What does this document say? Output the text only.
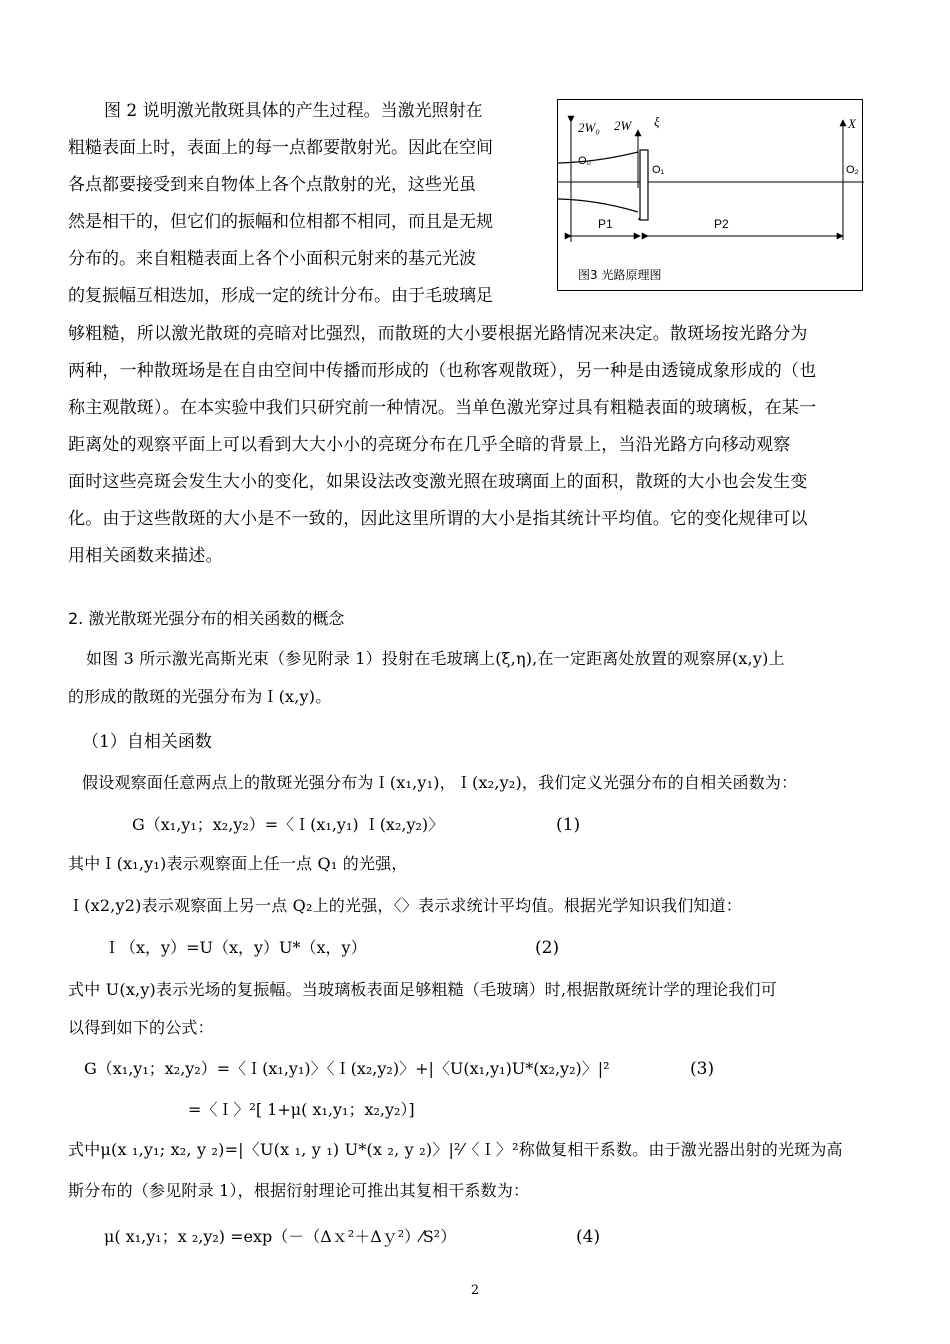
图 2 说明激光散斑具体的产生过程。当激光照射在
粗糙表面上时，表面上的每一点都要散射光。因此在空间
各点都要接受到来自物体上各个点散射的光，这些光虽
然是相干的，但它们的振幅和位相都不相同，而且是无规
分布的。来自粗糙表面上各个小面积元射来的基元光波
的复振幅互相迭加，形成一定的统计分布。由于毛玻璃足
够粗糙，所以激光散斑的亮暗对比强烈，而散斑的大小要根据光路情况来决定。散斑场按光路分为
两种，一种散斑场是在自由空间中传播而形成的（也称客观散斑），另一种是由透镜成象形成的（也
称主观散斑）。在本实验中我们只研究前一种情况。当单色激光穿过具有粗糙表面的玻璃板，在某一
距离处的观察平面上可以看到大大小小的亮斑分布在几乎全暗的背景上，当沿光路方向移动观察
面时这些亮斑会发生大小的变化，如果设法改变激光照在玻璃面上的面积，散斑的大小也会发生变
化。由于这些散斑的大小是不一致的，因此这里所谓的大小是指其统计平均值。它的变化规律可以
用相关函数来描述。
2W₀ 2W ξ	X
O₀
O₁	O₂
P1	P2
图3 光路原理图
2. 激光散斑光强分布的相关函数的概念
如图 3 所示激光高斯光束（参见附录 1）投射在毛玻璃上(ξ,η),在一定距离处放置的观察屏(x,y)上
的形成的散斑的光强分布为Ｉ(x,y)。
（1）自相关函数
假设观察面任意两点上的散斑光强分布为Ｉ(x₁,y₁)，Ｉ(x₂,y₂)，我们定义光强分布的自相关函数为：
G（x₁,y₁；x₂,y₂）=〈Ｉ(x₁,y₁) Ｉ(x₂,y₂)〉	(1)
其中Ｉ(x₁,y₁)表示观察面上任一点 Q₁ 的光强，
Ｉ(x2,y2)表示观察面上另一点 Q₂上的光强，〈〉表示求统计平均值。根据光学知识我们知道：
Ｉ（x，y）=U（x，y）U*（x，y）	(2)
式中 U(x,y)表示光场的复振幅。当玻璃板表面足够粗糙（毛玻璃）时,根据散斑统计学的理论我们可
以得到如下的公式：
G（x₁,y₁；x₂,y₂）=〈Ｉ(x₁,y₁)〉〈Ｉ(x₂,y₂)〉+|〈U(x₁,y₁)U*(x₂,y₂)〉|²	(3)
=〈Ｉ〉²[ 1+μ( x₁,y₁；x₂,y₂）]
式中μ(x ₁,y₁; x₂, y ₂)=|〈U(x ₁, y ₁) U*(x ₂, y ₂)〉|²⁄〈Ｉ〉²称做复相干系数。由于激光器出射的光斑为高
斯分布的（参见附录 1），根据衍射理论可推出其复相干系数为：
μ( x₁,y₁；x ₂,y₂) =exp（－（Δｘ²＋Δｙ²）⁄S²）	(4)
2
